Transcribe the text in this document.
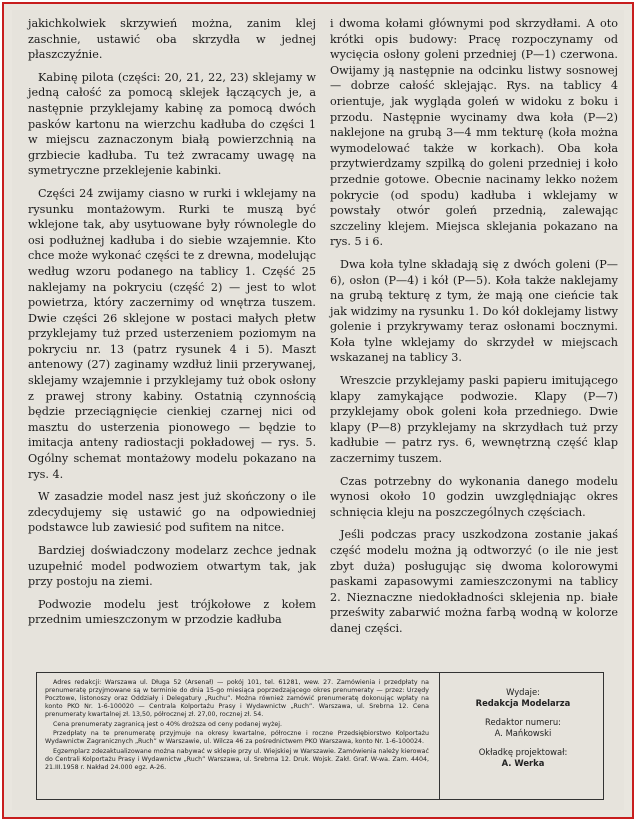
jakichkolwiek skrzywień można, zanim klej zaschnie, ustawić oba skrzydła w jednej płaszczyźnie.

Kabinę pilota (części: 20, 21, 22, 23) sklejamy w jedną całość za pomocą sklejek łączących je, a następnie przyklejamy kabinę za pomocą dwóch pasków kartonu na wierzchu kadłuba do części 1 w miejscu zaznaczonym białą powierzchnią na grzbiecie kadłuba. Tu też zwracamy uwagę na symetryczne przeklejenie kabinki.

Części 24 zwijamy ciasno w rurki i wklejamy na rysunku montażowym. Rurki te muszą być wklejone tak, aby usytuowane były równolegle do osi podłużnej kadłuba i do siebie wzajemnie. Kto chce może wykonać części te z drewna, modelując według wzoru podanego na tablicy 1. Część 25 naklejamy na pokryciu (część 2) — jest to wlot powietrza, który zaczernimy od wnętrza tuszem. Dwie części 26 sklejone w postaci małych płetw przyklejamy tuż przed usterzeniem poziomym na pokryciu nr. 13 (patrz rysunek 4 i 5). Maszt antenowy (27) zaginamy wzdłuż linii przerywanej, sklejamy wzajemnie i przyklejamy tuż obok osłony z prawej strony kabiny. Ostatnią czynnością będzie przeciągnięcie cienkiej czarnej nici od masztu do usterzenia pionowego — będzie to imitacja anteny radiostacji pokładowej — rys. 5. Ogólny schemat montażowy modelu pokazano na rys. 4.

W zasadzie model nasz jest już skończony o ile zdecydujemy się ustawić go na odpowiedniej podstawce lub zawiesić pod sufitem na nitce.

Bardziej doświadczony modelarz zechce jednak uzupełnić model podwoziem otwartym tak, jak przy postoju na ziemi.

Podwozie modelu jest trójkołowe z kołem przednim umieszczonym w przodzie kadłuba

i dwoma kołami głównymi pod skrzydłami. A oto krótki opis budowy: Pracę rozpoczynamy od wycięcia osłony goleni przedniej (P—1) czerwona. Owijamy ją następnie na odcinku listwy sosnowej — dobrze całość sklejając. Rys. na tablicy 4 orientuje, jak wygląda goleń w widoku z boku i przodu. Następnie wycinamy dwa koła (P—2) naklejone na grubą 3—4 mm tekturę (koła można wymodelować także w korkach). Oba koła przytwierdzamy szpilką do goleni przedniej i koło przednie gotowe. Obecnie nacinamy lekko nożem pokrycie (od spodu) kadłuba i wklejamy w powstały otwór goleń przednią, zalewając szczeliny klejem. Miejsca sklejania pokazano na rys. 5 i 6.

Dwa koła tylne składają się z dwóch goleni (P—6), osłon (P—4) i kół (P—5). Koła także naklejamy na grubą tekturę z tym, że mają one cieńcie tak jak widzimy na rysunku 1. Do kół doklejamy listwy golenie i przykrywamy teraz osłonami bocznymi. Koła tylne wklejamy do skrzydeł w miejscach wskazanej na tablicy 3.

Wreszcie przyklejamy paski papieru imitującego klapy zamykające podwozie. Klapy (P—7) przyklejamy obok goleni koła przedniego. Dwie klapy (P—8) przyklejamy na skrzydłach tuż przy kadłubie — patrz rys. 6, wewnętrzną część klap zaczernimy tuszem.

Czas potrzebny do wykonania danego modelu wynosi około 10 godzin uwzględniając okres schnięcia kleju na poszczególnych częściach.

Jeśli podczas pracy uszkodzona zostanie jakaś część modelu można ją odtworzyć (o ile nie jest zbyt duża) posługując się dwoma kolorowymi paskami zapasowymi zamieszczonymi na tablicy 2. Nieznaczne niedokładności sklejenia np. białe prześwity zabarwić można farbą wodną w kolorze danej części.

Adres redakcji: Warszawa ul. Długa 52 (Arsenał) — pokój 101, tel. 61281, wew. 27. Zamówienia i przedpłaty na prenumeratę przyjmowane są w terminie do dnia 15-go miesiąca poprzedzającego okres prenumeraty — przez: Urzędy Pocztowe, listonoszy oraz Oddziały i Delegatury „Ruchu”. Można również zamówić prenumeratę dokonując wpłaty na konto PKO Nr. 1-6-100020 — Centrala Kolportażu Prasy i Wydawnictw „Ruch”. Warszawa, ul. Srebrna 12. Cena prenumeraty kwartalnej zł. 13,50, półrocznej zł. 27,00, rocznej zł. 54.

Cena prenumeraty zagranicą jest o 40% droższa od ceny podanej wyżej.

Przedpłaty na te prenumeratę przyjmuje na okresy kwartalne, półroczne i roczne Przedsiębiorstwo Kolportażu Wydawnictw Zagranicznych „Ruch” w Warszawie, ul. Wilcza 46 za pośrednictwem PKO Warszawa, konto Nr. 1-6-100024.

Egzemplarz zdezaktualizowane można nabywać w sklepie przy ul. Wiejskiej w Warszawie. Zamówienia należy kierować do Centrali Kolportażu Prasy i Wydawnictw „Ruch” Warszawa, ul. Srebrna 12. Druk. Wojsk. Zakł. Graf. W-wa. Zam. 4404, 21.III.1958 r. Nakład 24.000 egz. A-26.

Wydaje:
Redakcja Modelarza
Redaktor numeru:
A. Mańkowski
Okładkę projektował:
A. Werka
